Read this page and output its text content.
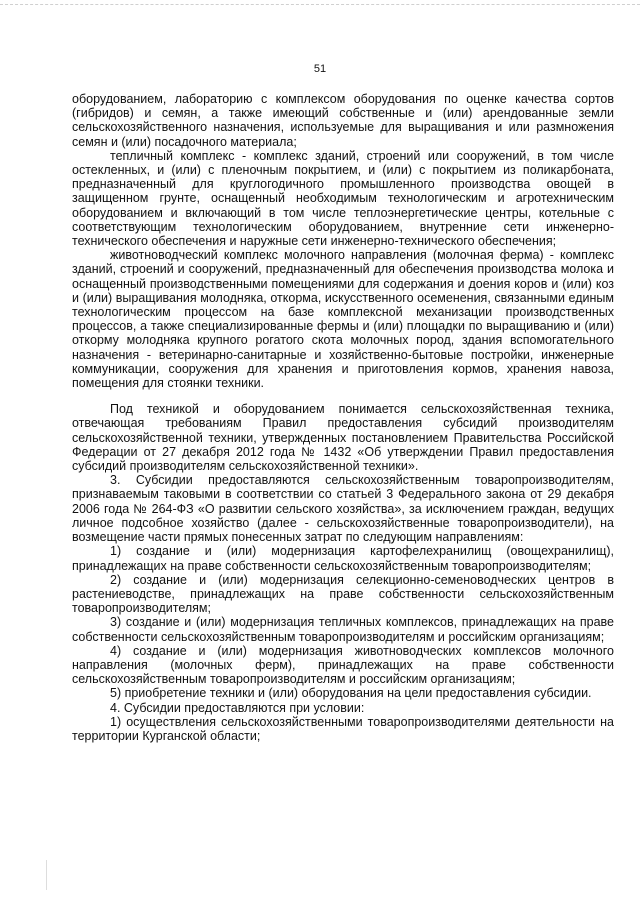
51

оборудованием, лабораторию с комплексом оборудования по оценке качества сортов (гибридов) и семян, а также имеющий собственные и (или) арендованные земли сельскохозяйственного назначения, используемые для выращивания и или размножения семян и (или) посадочного материала;

тепличный комплекс - комплекс зданий, строений или сооружений, в том числе остекленных, и (или) с пленочным покрытием, и (или) с покрытием из поликарбоната, предназначенный для круглогодичного промышленного производства овощей в защищенном грунте, оснащенный необходимым технологическим и агротехническим оборудованием и включающий в том числе теплоэнергетические центры, котельные с соответствующим технологическим оборудованием, внутренние сети инженерно-технического обеспечения и наружные сети инженерно-технического обеспечения;

животноводческий комплекс молочного направления (молочная ферма) - комплекс зданий, строений и сооружений, предназначенный для обеспечения производства молока и оснащенный производственными помещениями для содержания и доения коров и (или) коз и (или) выращивания молодняка, откорма, искусственного осеменения, связанными единым технологическим процессом на базе комплексной механизации производственных процессов, а также специализированные фермы и (или) площадки по выращиванию и (или) откорму молодняка крупного рогатого скота молочных пород, здания вспомогательного назначения - ветеринарно-санитарные и хозяйственно-бытовые постройки, инженерные коммуникации, сооружения для хранения и приготовления кормов, хранения навоза, помещения для стоянки техники.

Под техникой и оборудованием понимается сельскохозяйственная техника, отвечающая требованиям Правил предоставления субсидий производителям сельскохозяйственной техники, утвержденных постановлением Правительства Российской Федерации от 27 декабря 2012 года № 1432 «Об утверждении Правил предоставления субсидий производителям сельскохозяйственной техники».

3. Субсидии предоставляются сельскохозяйственным товаропроизводителям, признаваемым таковыми в соответствии со статьей 3 Федерального закона от 29 декабря 2006 года № 264-ФЗ «О развитии сельского хозяйства», за исключением граждан, ведущих личное подсобное хозяйство (далее - сельскохозяйственные товаропроизводители), на возмещение части прямых понесенных затрат по следующим направлениям:

1) создание и (или) модернизация картофелехранилищ (овощехранилищ), принадлежащих на праве собственности сельскохозяйственным товаропроизводителям;

2) создание и (или) модернизация селекционно-семеноводческих центров в растениеводстве, принадлежащих на праве собственности сельскохозяйственным товаропроизводителям;

3) создание и (или) модернизация тепличных комплексов, принадлежащих на праве собственности сельскохозяйственным товаропроизводителям и российским организациям;

4) создание и (или) модернизация животноводческих комплексов молочного направления (молочных ферм), принадлежащих на праве собственности сельскохозяйственным товаропроизводителям и российским организациям;

5) приобретение техники и (или) оборудования на цели предоставления субсидии.

4. Субсидии предоставляются при условии:

1) осуществления сельскохозяйственными товаропроизводителями деятельности на территории Курганской области;
